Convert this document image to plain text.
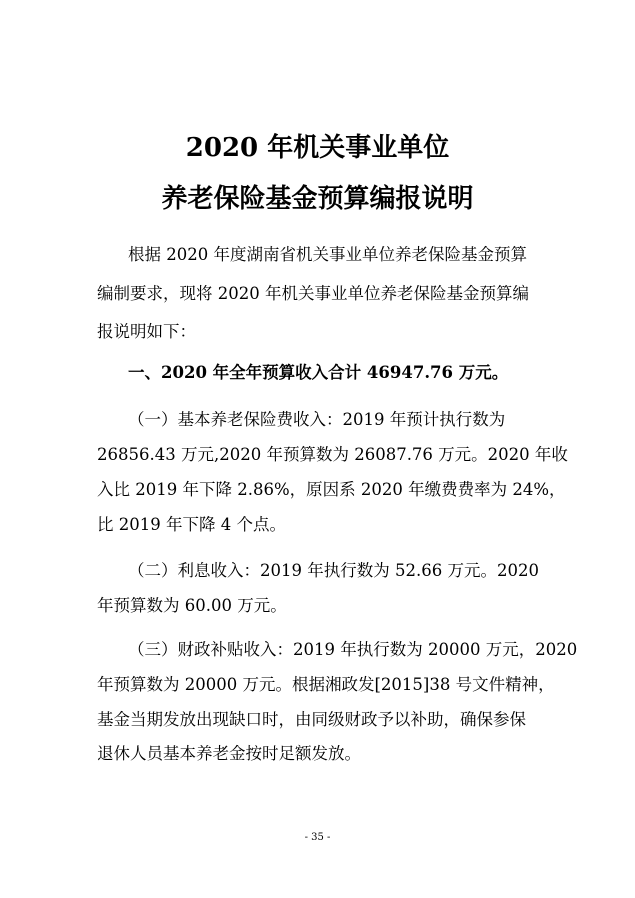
2020 年机关事业单位
养老保险基金预算编报说明
根据 2020 年度湖南省机关事业单位养老保险基金预算
编制要求，现将 2020 年机关事业单位养老保险基金预算编
报说明如下：
一、2020 年全年预算收入合计 46947.76 万元。
（一）基本养老保险费收入：2019 年预计执行数为
26856.43 万元,2020 年预算数为 26087.76 万元。2020 年收
入比 2019 年下降 2.86%，原因系 2020 年缴费费率为 24%，
比 2019 年下降 4 个点。
（二）利息收入：2019 年执行数为 52.66 万元。2020
年预算数为 60.00 万元。
（三）财政补贴收入：2019 年执行数为 20000 万元，2020
年预算数为 20000 万元。根据湘政发[2015]38 号文件精神，
基金当期发放出现缺口时，由同级财政予以补助，确保参保
退休人员基本养老金按时足额发放。
- 35 -
